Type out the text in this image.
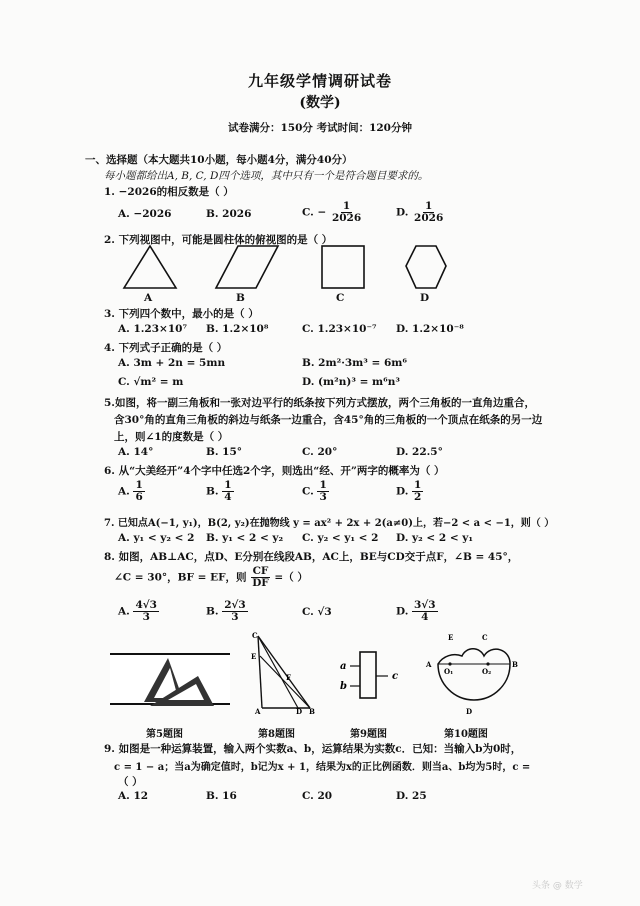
九年级学情调研试卷
(数学)
试卷满分：150分 考试时间：120分钟
一、选择题（本大题共10小题，每小题4分，满分40分）
每小题都给出A, B, C, D四个选项，其中只有一个是符合题目要求的。
1. −2026的相反数是（ ）
A. −2026	B. 2026	C. − $\frac{1}{2026}$	D. $\frac{1}{2026}$
2. 下列视图中，可能是圆柱体的俯视图的是（ ）
A	B	C	D
3. 下列四个数中，最小的是（ ）
A. 1.23×10⁷ B. 1.2×10⁸	C. 1.23×10⁻⁷ D. 1.2×10⁻⁸
4. 下列式子正确的是（ ）
A. 3m + 2n = 5mn	B. 2m²·3m³ = 6m⁶
C. √m² = m	D. (m²n)³ = m⁶n³
5.如图，将一副三角板和一张对边平行的纸条按下列方式摆放，两个三角板的一直角边重合，
含30°角的直角三角板的斜边与纸条一边重合，含45°角的三角板的一个顶点在纸条的另一边
上，则∠1的度数是（ ）
A. 14°	B. 15°	C. 20°	D. 22.5°
6. 从“大美经开”4个字中任选2个字，则选出“经、开”两字的概率为（ ）
A. $\frac{1}{6}$	B. $\frac{1}{4}$	C. $\frac{1}{3}$	D. $\frac{1}{2}$
7. 已知点A(−1, y₁)，B(2, y₂)在抛物线 y = ax² + 2x + 2(a≠0)上，若−2 < a < −1，则（ ）
A. y₁ < y₂ < 2 B. y₁ < 2 < y₂ C. y₂ < y₁ < 2 D. y₂ < 2 < y₁
8. 如图，AB⊥AC，点D、E分别在线段AB，AC上，BE与CD交于点F，∠B = 45°，
∠C = 30°，BF = EF，则 $\frac{CF}{DF}$ =（ ）
A. $\frac{4√3}{3}$	B. $\frac{2√3}{3}$	C. √3	D. $\frac{3√3}{4}$
C
E
F
A	D B
a
b
c
E	C
A
O₁	O₂
B
D
第5题图	第8题图	第9题图	第10题图
9. 如图是一种运算装置，输入两个实数a、b，运算结果为实数c．已知：当输入b为0时，
c = 1 − a；当a为确定值时，b记为x + 1，结果为x的正比例函数．则当a、b均为5时，c =
（ ）
A. 12	B. 16	C. 20	D. 25
头条 @ 数学
